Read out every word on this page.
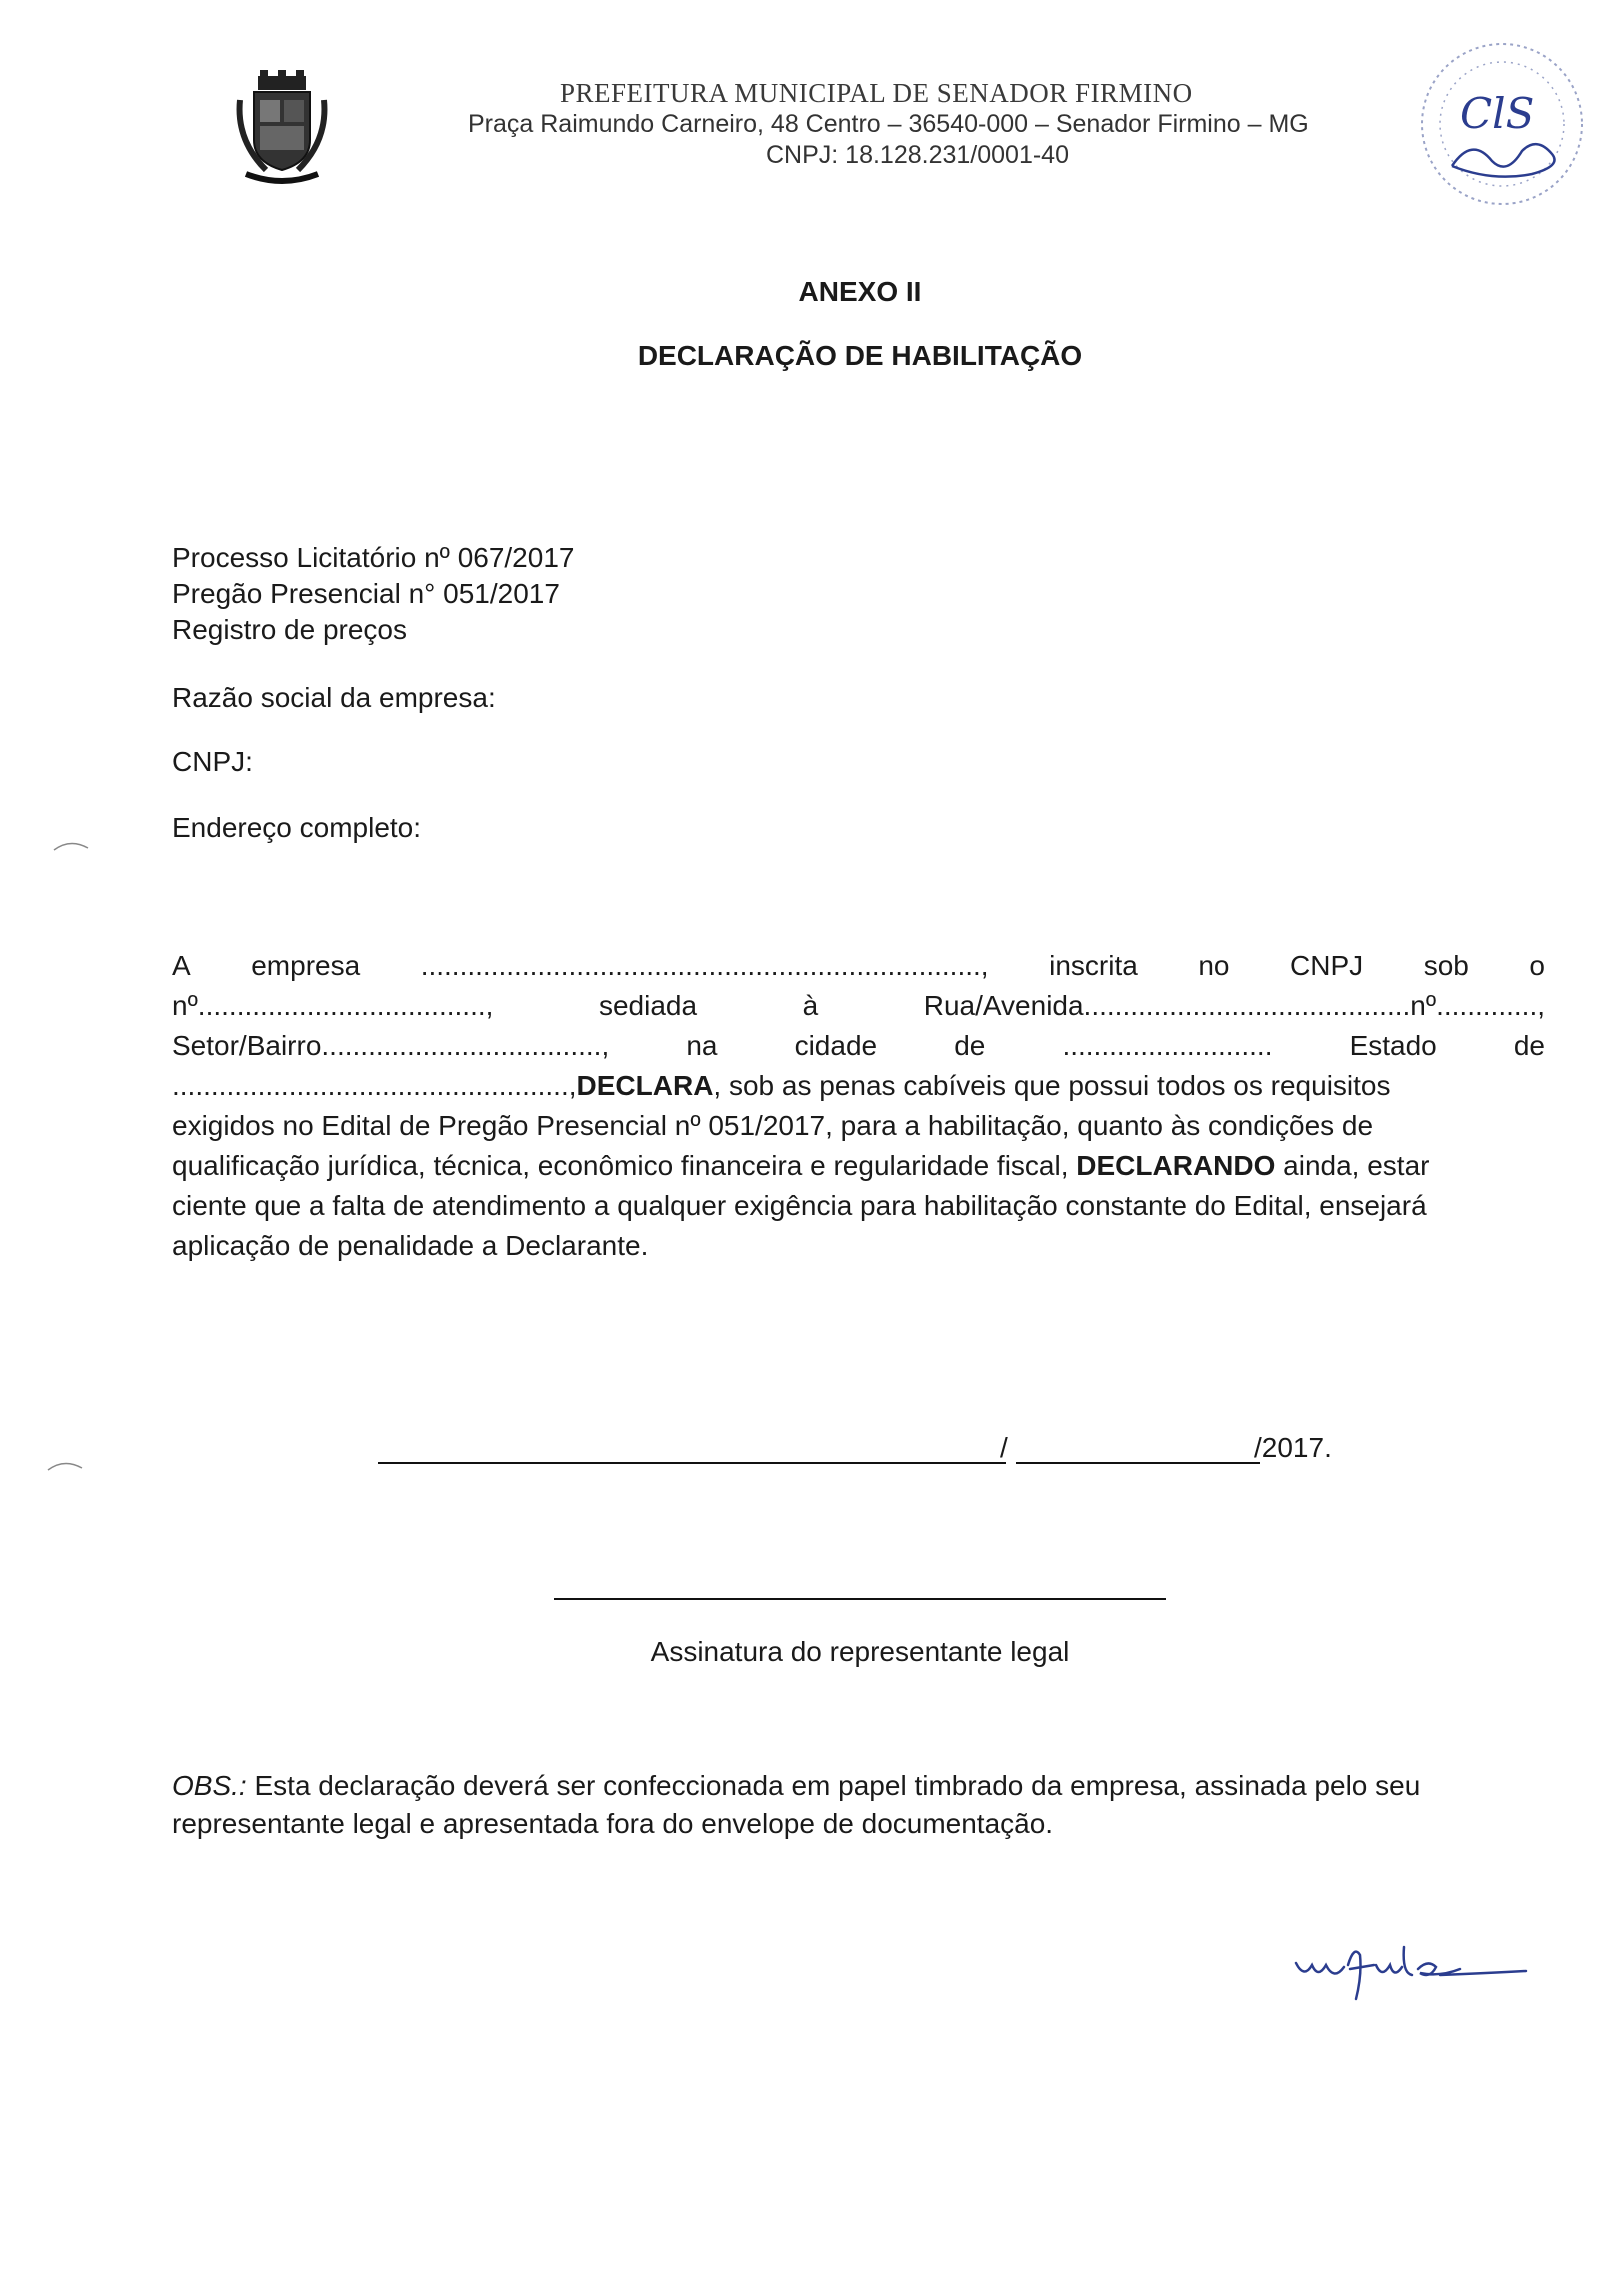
PREFEITURA MUNICIPAL DE SENADOR FIRMINO
Praça Raimundo Carneiro, 48 Centro – 36540-000 – Senador Firmino – MG
CNPJ: 18.128.231/0001-40
ClS
ANEXO II
DECLARAÇÃO DE HABILITAÇÃO
Processo Licitatório nº 067/2017
Pregão Presencial n° 051/2017
Registro de preços
Razão social da empresa:
CNPJ:
Endereço completo:
A empresa ........................................................................, inscrita no CNPJ sob o
nº.....................................,	sediada	à	Rua/Avenida..........................................nº.............,
Setor/Bairro....................................,	na	cidade	de	...........................	Estado	de
...................................................,DECLARA, sob as penas cabíveis que possui todos os requisitos
exigidos no Edital de Pregão Presencial nº 051/2017, para a habilitação, quanto às condições de
qualificação jurídica, técnica, econômico financeira e regularidade fiscal, DECLARANDO ainda, estar
ciente que a falta de atendimento a qualquer exigência para habilitação constante do Edital, ensejará
aplicação de penalidade a Declarante.
/	/2017.
Assinatura do representante legal
OBS.: Esta declaração deverá ser confeccionada em papel timbrado da empresa, assinada pelo seu
representante legal e apresentada fora do envelope de documentação.
